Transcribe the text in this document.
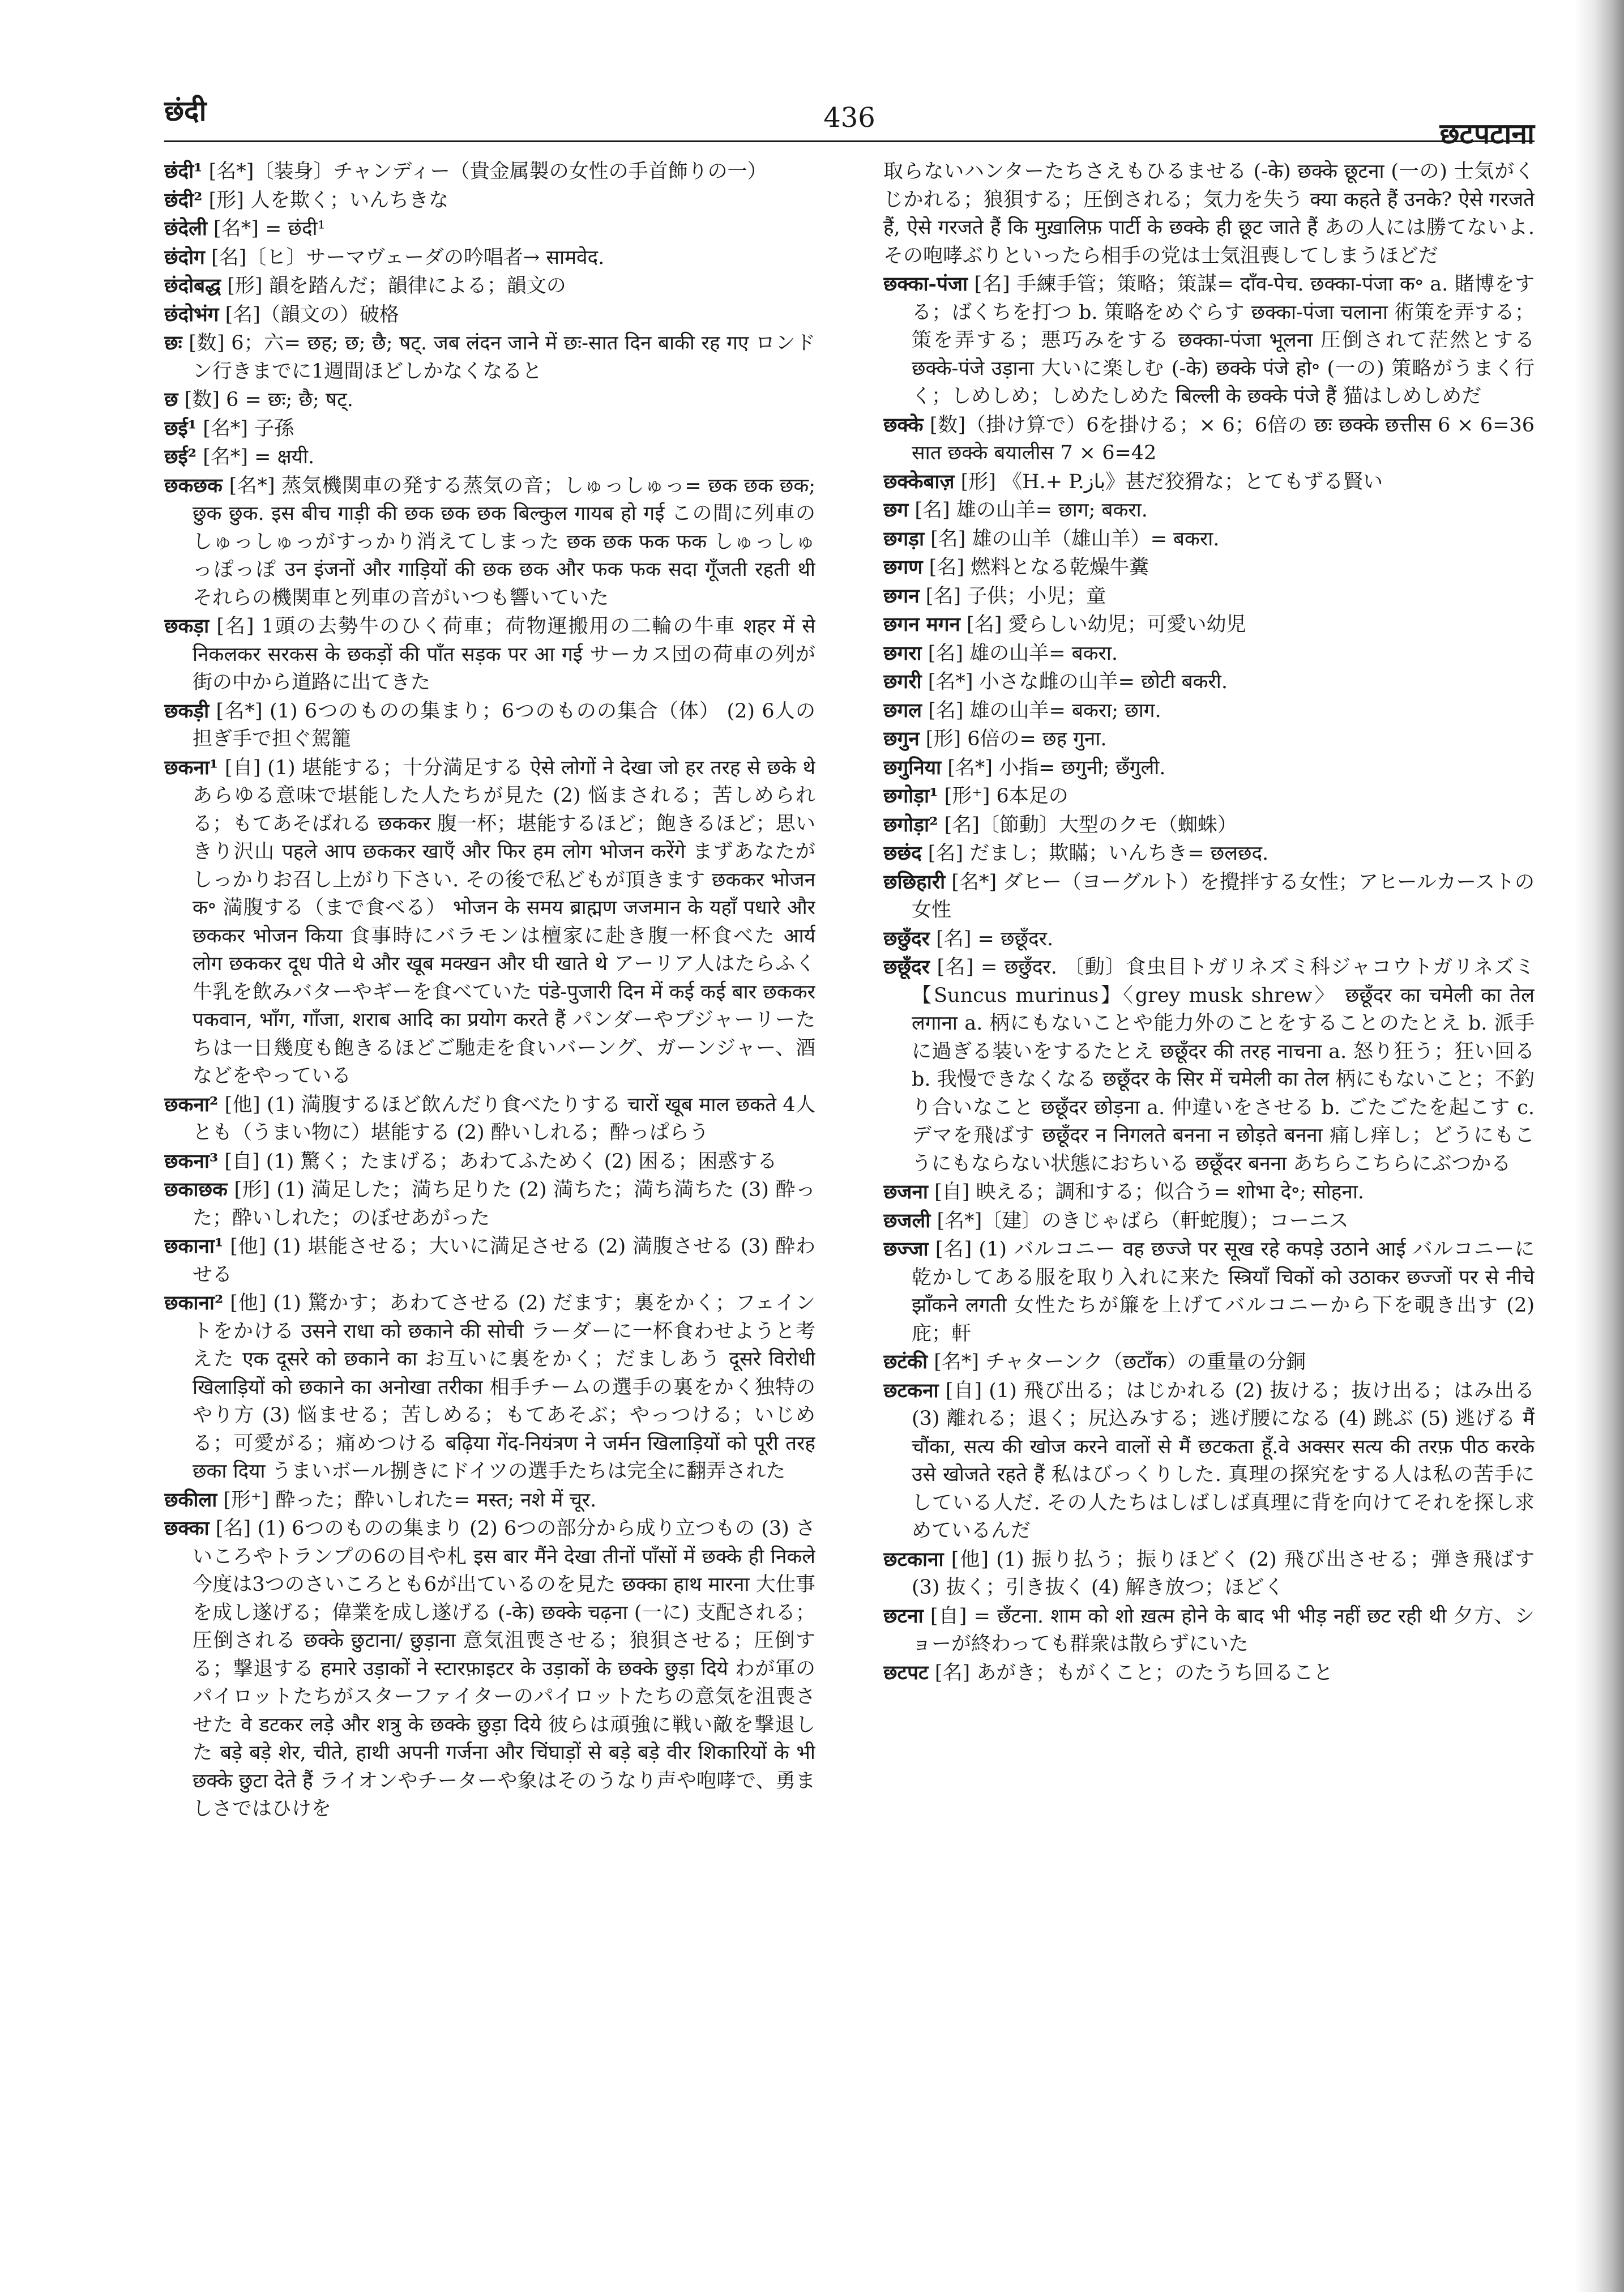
छंदी	436	छटपटाना

छंदी¹ [名*]〔装身〕チャンディー（貴金属製の女性の手首飾りの一）

छंदी² [形] 人を欺く；いんちきな

छंदेली [名*] = छंदी¹

छंदोग [名]〔ヒ〕サーマヴェーダの吟唱者→ सामवेद.

छंदोबद्ध [形] 韻を踏んだ；韻律による；韻文の

छंदोभंग [名]（韻文の）破格

छः [数] 6；六= छह; छ; छै; षट्. जब लंदन जाने में छः-सात दिन बाकी रह गए ロンドン行きまでに1週間ほどしかなくなると

छ [数] 6 = छः; छै; षट्.

छई¹ [名*] 子孫

छई² [名*] = क्षयी.

छकछक [名*] 蒸気機関車の発する蒸気の音；しゅっしゅっ= छक छक छक; छुक छुक. इस बीच गाड़ी की छक छक छक बिल्कुल गायब हो गई この間に列車のしゅっしゅっがすっかり消えてしまった छक छक फक फक しゅっしゅっぽっぽ उन इंजनों और गाड़ियों की छक छक और फक फक सदा गूँजती रहती थी それらの機関車と列車の音がいつも響いていた

छकड़ा [名] 1頭の去勢牛のひく荷車；荷物運搬用の二輪の牛車 शहर में से निकलकर सरकस के छकड़ों की पाँत सड़क पर आ गई サーカス団の荷車の列が街の中から道路に出てきた

छकड़ी [名*] (1) 6つのものの集まり；6つのものの集合（体） (2) 6人の担ぎ手で担ぐ駕籠

छकना¹ [自] (1) 堪能する；十分満足する ऐसे लोगों ने देखा जो हर तरह से छके थे あらゆる意味で堪能した人たちが見た (2) 悩まされる；苦しめられる；もてあそばれる छककर 腹一杯；堪能するほど；飽きるほど；思いきり沢山 पहले आप छककर खाएँ और फिर हम लोग भोजन करेंगे まずあなたがしっかりお召し上がり下さい. その後で私どもが頂きます छककर भोजन क॰ 満腹する（まで食べる） भोजन के समय ब्राह्मण जजमान के यहाँ पधारे और छककर भोजन किया 食事時にバラモンは檀家に赴き腹一杯食べた आर्य लोग छककर दूध पीते थे और खूब मक्खन और घी खाते थे アーリア人はたらふく牛乳を飲みバターやギーを食べていた पंडे-पुजारी दिन में कई कई बार छककर पकवान, भाँग, गाँजा, शराब आदि का प्रयोग करते हैं パンダーやプジャーリーたちは一日幾度も飽きるほどご馳走を食いバーング、ガーンジャー、酒などをやっている

छकना² [他] (1) 満腹するほど飲んだり食べたりする चारों खूब माल छकते 4人とも（うまい物に）堪能する (2) 酔いしれる；酔っぱらう

छकना³ [自] (1) 驚く；たまげる；あわてふためく (2) 困る；困惑する

छकाछक [形] (1) 満足した；満ち足りた (2) 満ちた；満ち満ちた (3) 酔った；酔いしれた；のぼせあがった

छकाना¹ [他] (1) 堪能させる；大いに満足させる (2) 満腹させる (3) 酔わせる

छकाना² [他] (1) 驚かす；あわてさせる (2) だます；裏をかく；フェイントをかける उसने राधा को छकाने की सोची ラーダーに一杯食わせようと考えた एक दूसरे को छकाने का お互いに裏をかく；だましあう दूसरे विरोधी खिलाड़ियों को छकाने का अनोखा तरीका 相手チームの選手の裏をかく独特のやり方 (3) 悩ませる；苦しめる；もてあそぶ；やっつける；いじめる；可愛がる；痛めつける बढ़िया गेंद-नियंत्रण ने जर्मन खिलाड़ियों को पूरी तरह छका दिया うまいボール捌きにドイツの選手たちは完全に翻弄された

छकीला [形⁺] 酔った；酔いしれた= मस्त; नशे में चूर.

छक्का [名] (1) 6つのものの集まり (2) 6つの部分から成り立つもの (3) さいころやトランプの6の目や札 इस बार मैंने देखा तीनों पाँसों में छक्के ही निकले 今度は3つのさいころとも6が出ているのを見た छक्का हाथ मारना 大仕事を成し遂げる；偉業を成し遂げる (-के) छक्के चढ़ना (一に) 支配される；圧倒される छक्के छुटाना/ छुड़ाना 意気沮喪させる；狼狽させる；圧倒する；撃退する हमारे उड़ाकों ने स्टारफ़ाइटर के उड़ाकों के छक्के छुड़ा दिये わが軍のパイロットたちがスターファイターのパイロットたちの意気を沮喪させた वे डटकर लड़े और शत्रु के छक्के छुड़ा दिये 彼らは頑強に戦い敵を撃退した बड़े बड़े शेर, चीते, हाथी अपनी गर्जना और चिंघाड़ों से बड़े बड़े वीर शिकारियों के भी छक्के छुटा देते हैं ライオンやチーターや象はそのうなり声や咆哮で、勇ましさではひけを

取らないハンターたちさえもひるませる (-के) छक्के छूटना (一の) 士気がくじかれる；狼狽する；圧倒される；気力を失う क्या कहते हैं उनके? ऐसे गरजते हैं, ऐसे गरजते हैं कि मुख़ालिफ़ पार्टी के छक्के ही छूट जाते हैं あの人には勝てないよ. その咆哮ぶりといったら相手の党は士気沮喪してしまうほどだ

छक्का-पंजा [名] 手練手管；策略；策謀= दाँव-पेच. छक्का-पंजा क॰ a. 賭博をする；ばくちを打つ b. 策略をめぐらす छक्का-पंजा चलाना 術策を弄する；策を弄する；悪巧みをする छक्का-पंजा भूलना 圧倒されて茫然とする छक्के-पंजे उड़ाना 大いに楽しむ (-के) छक्के पंजे हो॰ (一の) 策略がうまく行く；しめしめ；しめたしめた बिल्ली के छक्के पंजे हैं 猫はしめしめだ

छक्के [数]（掛け算で）6を掛ける；× 6；6倍の छः छक्के छत्तीस 6 × 6=36 सात छक्के बयालीस 7 × 6=42

छक्केबाज़ [形] 《H.+ P.باز》甚だ狡猾な；とてもずる賢い

छग [名] 雄の山羊= छाग; बकरा.

छगड़ा [名] 雄の山羊（雄山羊）= बकरा.

छगण [名] 燃料となる乾燥牛糞

छगन [名] 子供；小児；童

छगन मगन [名] 愛らしい幼児；可愛い幼児

छगरा [名] 雄の山羊= बकरा.

छगरी [名*] 小さな雌の山羊= छोटी बकरी.

छगल [名] 雄の山羊= बकरा; छाग.

छगुन [形] 6倍の= छह गुना.

छगुनिया [名*] 小指= छगुनी; छँगुली.

छगोड़ा¹ [形⁺] 6本足の

छगोड़ा² [名]〔節動〕大型のクモ（蜘蛛）

छछंद [名] だまし；欺瞞；いんちき= छलछद.

छछिहारी [名*] ダヒー（ヨーグルト）を攪拌する女性；アヒールカーストの女性

छछुँदर [名] = छछूँदर.

छछूँदर [名] = छछुँदर. 〔動〕食虫目トガリネズミ科ジャコウトガリネズミ【Suncus murinus】〈grey musk shrew〉 छछूँदर का चमेली का तेल लगाना a. 柄にもないことや能力外のことをすることのたとえ b. 派手に過ぎる装いをするたとえ छछूँदर की तरह नाचना a. 怒り狂う；狂い回る b. 我慢できなくなる छछूँदर के सिर में चमेली का तेल 柄にもないこと；不釣り合いなこと छछूँदर छोड़ना a. 仲違いをさせる b. ごたごたを起こす c. デマを飛ばす छछूँदर न निगलते बनना न छोड़ते बनना 痛し痒し；どうにもこうにもならない状態におちいる छछूँदर बनना あちらこちらにぶつかる

छजना [自] 映える；調和する；似合う= शोभा दे॰; सोहना.

छजली [名*]〔建〕のきじゃばら（軒蛇腹）；コーニス

छज्जा [名] (1) バルコニー वह छज्जे पर सूख रहे कपड़े उठाने आई バルコニーに乾かしてある服を取り入れに来た स्त्रियाँ चिकों को उठाकर छज्जों पर से नीचे झाँकने लगती 女性たちが簾を上げてバルコニーから下を覗き出す (2) 庇；軒

छटंकी [名*] チャターンク（छटाँक）の重量の分銅

छटकना [自] (1) 飛び出る；はじかれる (2) 抜ける；抜け出る；はみ出る (3) 離れる；退く；尻込みする；逃げ腰になる (4) 跳ぶ (5) 逃げる मैं चौंका, सत्य की खोज करने वालों से मैं छटकता हूँ.वे अक्सर सत्य की तरफ़ पीठ करके उसे खोजते रहते हैं 私はびっくりした. 真理の探究をする人は私の苦手にしている人だ. その人たちはしばしば真理に背を向けてそれを探し求めているんだ

छटकाना [他] (1) 振り払う；振りほどく (2) 飛び出させる；弾き飛ばす (3) 抜く；引き抜く (4) 解き放つ；ほどく

छटना [自] = छँटना. शाम को शो ख़त्म होने के बाद भी भीड़ नहीं छट रही थी 夕方、ショーが終わっても群衆は散らずにいた

छटपट [名] あがき；もがくこと；のたうち回ること
